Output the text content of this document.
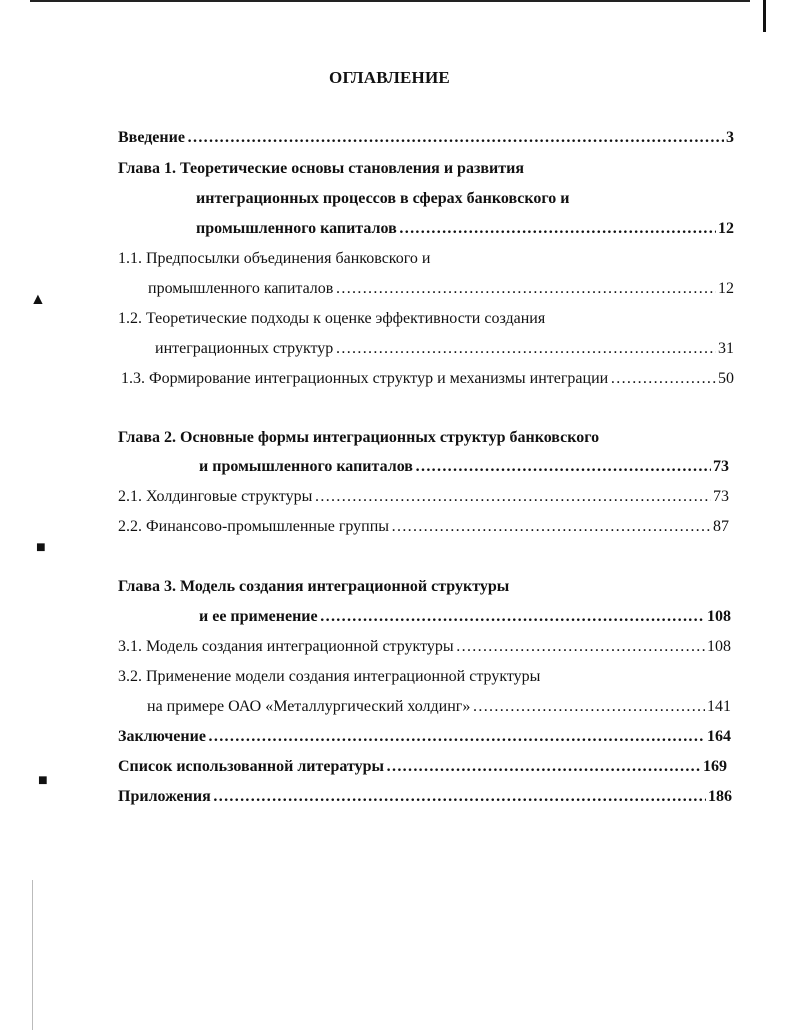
▲
■
■
ОГЛАВЛЕНИЕ
Введение …………………………………………………………………………………………………………………………………………………………	3
Глава 1. Теоретические основы становления и развития
интеграционных процессов в сферах банковского и
промышленного капиталов …………………………………………………………………………………………………………………………………………………………	12
1.1. Предпосылки объединения банковского и
промышленного капиталов …………………………………………………………………………………………………………………………………………………………	12
1.2. Теоретические подходы к оценке эффективности создания
интеграционных структур …………………………………………………………………………………………………………………………………………………………	31
1.3. Формирование интеграционных структур и механизмы интеграции …………………………………………………………………………………………………………………………………………………………	50
Глава 2. Основные формы интеграционных структур банковского
и промышленного капиталов …………………………………………………………………………………………………………………………………………………………	73
2.1. Холдинговые структуры …………………………………………………………………………………………………………………………………………………………	73
2.2. Финансово-промышленные группы …………………………………………………………………………………………………………………………………………………………	87
Глава 3. Модель создания интеграционной структуры
и ее применение …………………………………………………………………………………………………………………………………………………………	108
3.1. Модель создания интеграционной структуры …………………………………………………………………………………………………………………………………………………………	108
3.2. Применение модели создания интеграционной структуры
на примере ОАО «Металлургический холдинг» …………………………………………………………………………………………………………………………………………………………	141
Заключение …………………………………………………………………………………………………………………………………………………………	164
Список использованной литературы …………………………………………………………………………………………………………………………………………………………	169
Приложения …………………………………………………………………………………………………………………………………………………………	186
